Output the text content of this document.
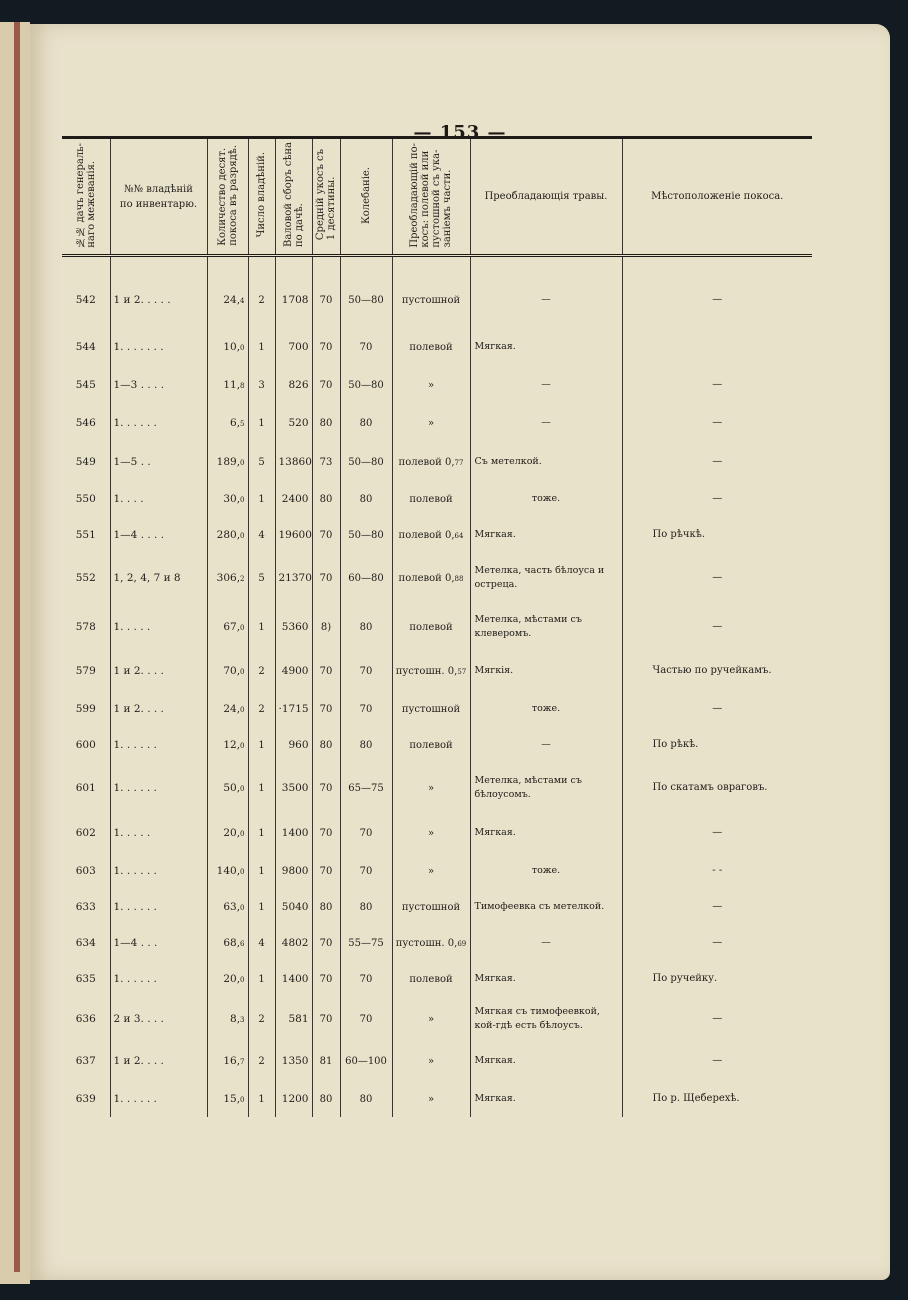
— 153 —
№№ дачъ генераль-
наго межеванія.	№№ владѣній
по инвентарю.	Количество десят.
покоса въ разрядѣ.	Число владѣній.	Валовой сборъ сѣна
по дачѣ.	Средній укосъ съ
1 десятины.	Колебаніе.	Преобладающій по-
косъ: полевой или
пустошной съ ука-
заніемъ части.	Преобладающія травы.	Мѣстоположеніе покоса.

542	1 и 2. . . . .	24,4	2	1708	70	50—80	пустошной	—	—
544	1. . . . . . .	10,0	1	700	70	70	полевой	Мягкая.	
545	1—3 . . . .	11,8	3	826	70	50—80	»	—	—
546	1. . . . . .	6,5	1	520	80	80	»	—	—
549	1—5 . .	189,0	5	13860	73	50—80	полевой 0,77	Съ метелкой.	—
550	1. . . .	30,0	1	2400	80	80	полевой	тоже.	—
551	1—4 . . . .	280,0	4	19600	70	50—80	полевой 0,64	Мягкая.	По рѣчкѣ.
552	1, 2, 4, 7 и 8	306,2	5	21370	70	60—80	полевой 0,88	Метелка, часть бѣлоуса и остреца.	—
578	1. . . . .	67,0	1	5360	8)	80	полевой	Метелка, мѣстами съ клеверомъ.	—
579	1 и 2. . . .	70,0	2	4900	70	70	пустошн. 0,57	Мягкія.	Частью по ручейкамъ.
599	1 и 2. . . .	24,0	2	·1715	70	70	пустошной	тоже.	—
600	1. . . . . .	12,0	1	960	80	80	полевой	—	По рѣкѣ.
601	1. . . . . .	50,0	1	3500	70	65—75	»	Метелка, мѣстами съ бѣлоусомъ.	По скатамъ овраговъ.
602	1. . . . .	20,0	1	1400	70	70	»	Мягкая.	—
603	1. . . . . .	140,0	1	9800	70	70	»	тоже.	- -
633	1. . . . . .	63,0	1	5040	80	80	пустошной	Тимофеевка съ метелкой.	—
634	1—4 . . .	68,6	4	4802	70	55—75	пустошн. 0,69	—	—
635	1. . . . . .	20,0	1	1400	70	70	полевой	Мягкая.	По ручейку.
636	2 и 3. . . .	8,3	2	581	70	70	»	Мягкая съ тимофеевкой, кой-гдѣ есть бѣлоусъ.	—
637	1 и 2. . . .	16,7	2	1350	81	60—100	»	Мягкая.	—
639	1. . . . . .	15,0	1	1200	80	80	»	Мягкая.	По р. Щеберехѣ.
